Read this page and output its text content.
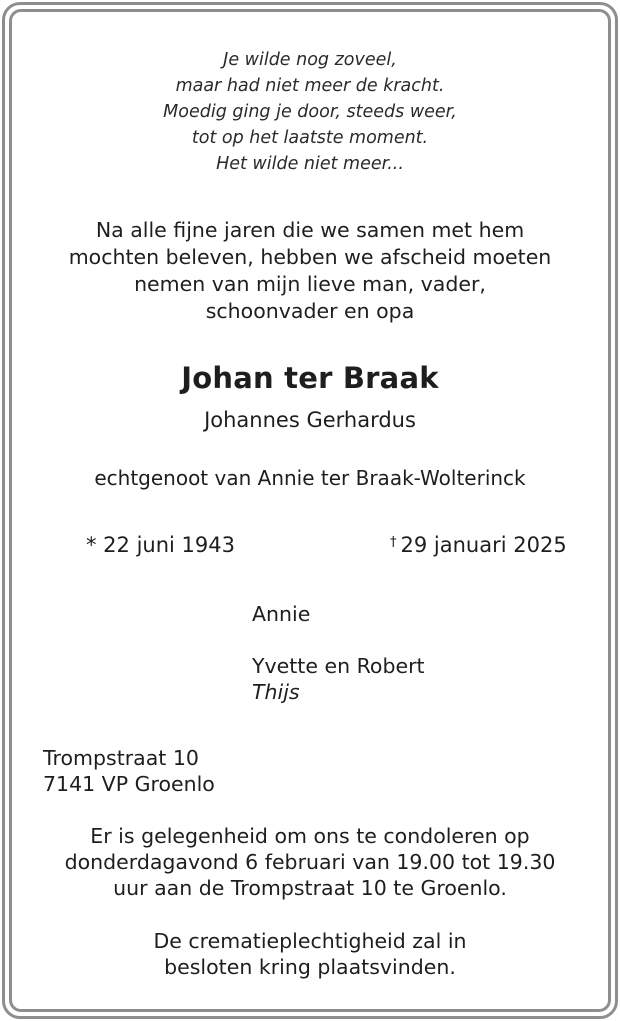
Je wilde nog zoveel,
maar had niet meer de kracht.
Moedig ging je door, steeds weer,
tot op het laatste moment.
Het wilde niet meer...
Na alle fijne jaren die we samen met hem
mochten beleven, hebben we afscheid moeten
nemen van mijn lieve man, vader,
schoonvader en opa
Johan ter Braak
Johannes Gerhardus
echtgenoot van Annie ter Braak-Wolterinck
* 22 juni 1943	† 29 januari 2025
Annie
Yvette en Robert
Thijs
Trompstraat 10
7141 VP Groenlo
Er is gelegenheid om ons te condoleren op
donderdagavond 6 februari van 19.00 tot 19.30
uur aan de Trompstraat 10 te Groenlo.
De crematieplechtigheid zal in
besloten kring plaatsvinden.
